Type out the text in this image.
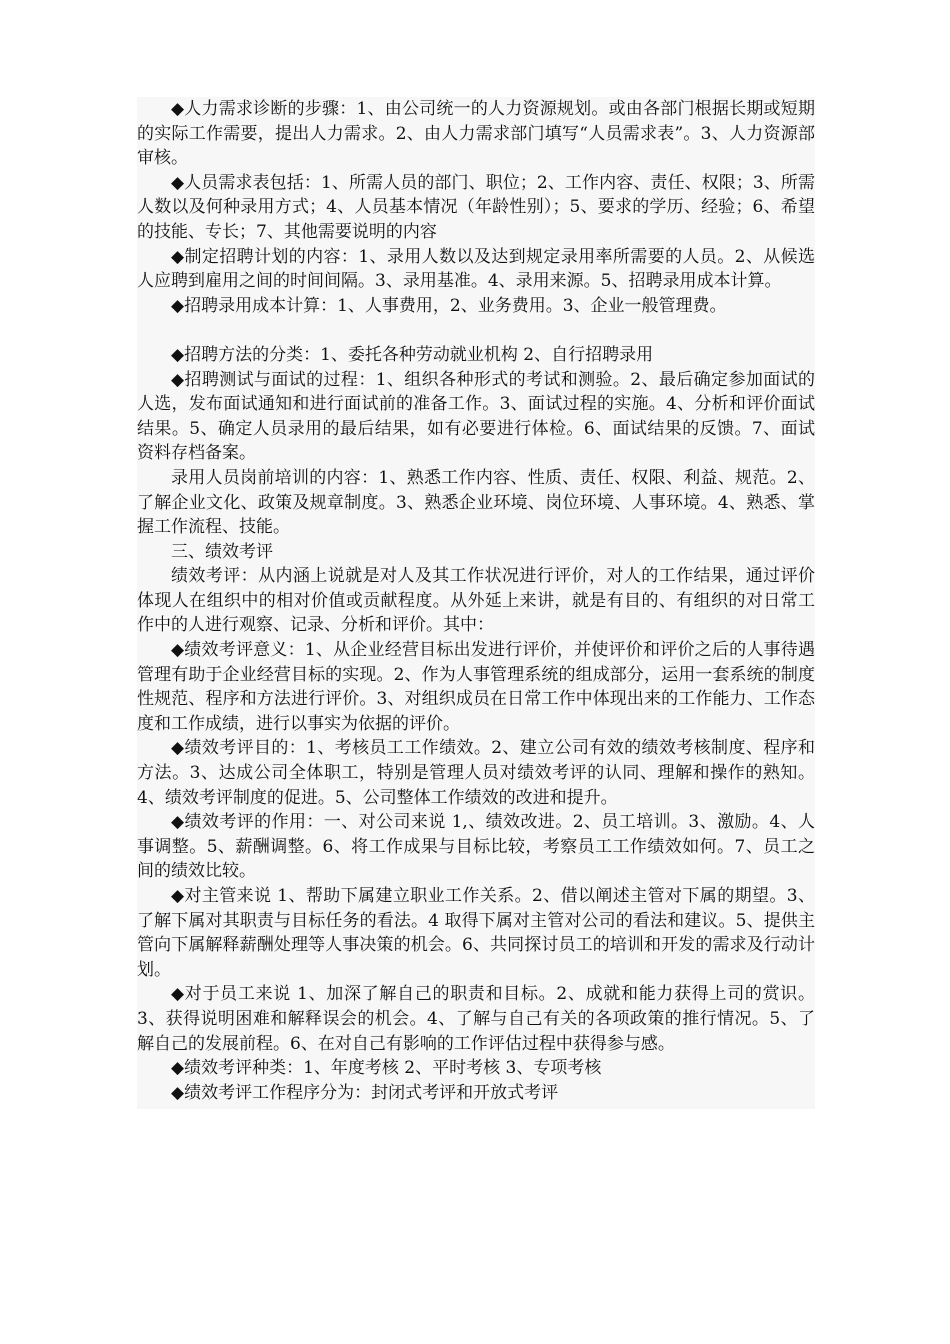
◆人力需求诊断的步骤：1、由公司统一的人力资源规划。或由各部门根据长期或短期的实际工作需要，提出人力需求。2、由人力需求部门填写“人员需求表”。3、人力资源部审核。

◆人员需求表包括：1、所需人员的部门、职位；2、工作内容、责任、权限；3、所需人数以及何种录用方式；4、人员基本情况（年龄性别）；5、要求的学历、经验；6、希望的技能、专长；7、其他需要说明的内容

◆制定招聘计划的内容：1、录用人数以及达到规定录用率所需要的人员。2、从候选人应聘到雇用之间的时间间隔。3、录用基准。4、录用来源。5、招聘录用成本计算。

◆招聘录用成本计算：1、人事费用，2、业务费用。3、企业一般管理费。

◆招聘方法的分类：1、委托各种劳动就业机构 2、自行招聘录用

◆招聘测试与面试的过程：1、组织各种形式的考试和测验。2、最后确定参加面试的人选，发布面试通知和进行面试前的准备工作。3、面试过程的实施。4、分析和评价面试结果。5、确定人员录用的最后结果，如有必要进行体检。6、面试结果的反馈。7、面试资料存档备案。

录用人员岗前培训的内容：1、熟悉工作内容、性质、责任、权限、利益、规范。2、了解企业文化、政策及规章制度。3、熟悉企业环境、岗位环境、人事环境。4、熟悉、掌握工作流程、技能。

三、绩效考评

绩效考评：从内涵上说就是对人及其工作状况进行评价，对人的工作结果，通过评价体现人在组织中的相对价值或贡献程度。从外延上来讲，就是有目的、有组织的对日常工作中的人进行观察、记录、分析和评价。其中：

◆绩效考评意义：1、从企业经营目标出发进行评价，并使评价和评价之后的人事待遇管理有助于企业经营目标的实现。2、作为人事管理系统的组成部分，运用一套系统的制度性规范、程序和方法进行评价。3、对组织成员在日常工作中体现出来的工作能力、工作态度和工作成绩，进行以事实为依据的评价。

◆绩效考评目的：1、考核员工工作绩效。2、建立公司有效的绩效考核制度、程序和方法。3、达成公司全体职工，特别是管理人员对绩效考评的认同、理解和操作的熟知。4、绩效考评制度的促进。5、公司整体工作绩效的改进和提升。

◆绩效考评的作用：一、对公司来说 1,、绩效改进。2、员工培训。3、激励。4、人事调整。5、薪酬调整。6、将工作成果与目标比较，考察员工工作绩效如何。7、员工之间的绩效比较。

◆对主管来说 1、帮助下属建立职业工作关系。2、借以阐述主管对下属的期望。3、了解下属对其职责与目标任务的看法。4 取得下属对主管对公司的看法和建议。5、提供主管向下属解释薪酬处理等人事决策的机会。6、共同探讨员工的培训和开发的需求及行动计划。

◆对于员工来说 1、加深了解自己的职责和目标。2、成就和能力获得上司的赏识。3、获得说明困难和解释误会的机会。4、了解与自己有关的各项政策的推行情况。5、了解自己的发展前程。6、在对自己有影响的工作评估过程中获得参与感。

◆绩效考评种类：1、年度考核 2、平时考核 3、专项考核

◆绩效考评工作程序分为：封闭式考评和开放式考评
